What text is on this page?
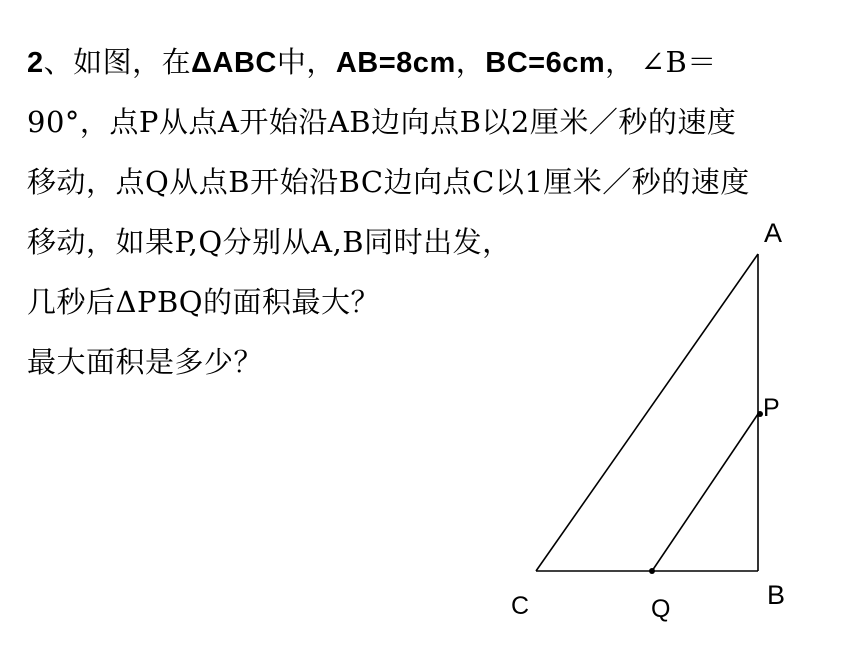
2、如图，在ΔABC中，AB=8cm，BC=6cm， ∠B＝
90°，点P从点A开始沿AB边向点B以2厘米／秒的速度
移动，点Q从点B开始沿BC边向点C以1厘米／秒的速度
移动，如果P,Q分别从A,B同时出发，
几秒后ΔPBQ的面积最大？
最大面积是多少？
A
P
C	Q	B
